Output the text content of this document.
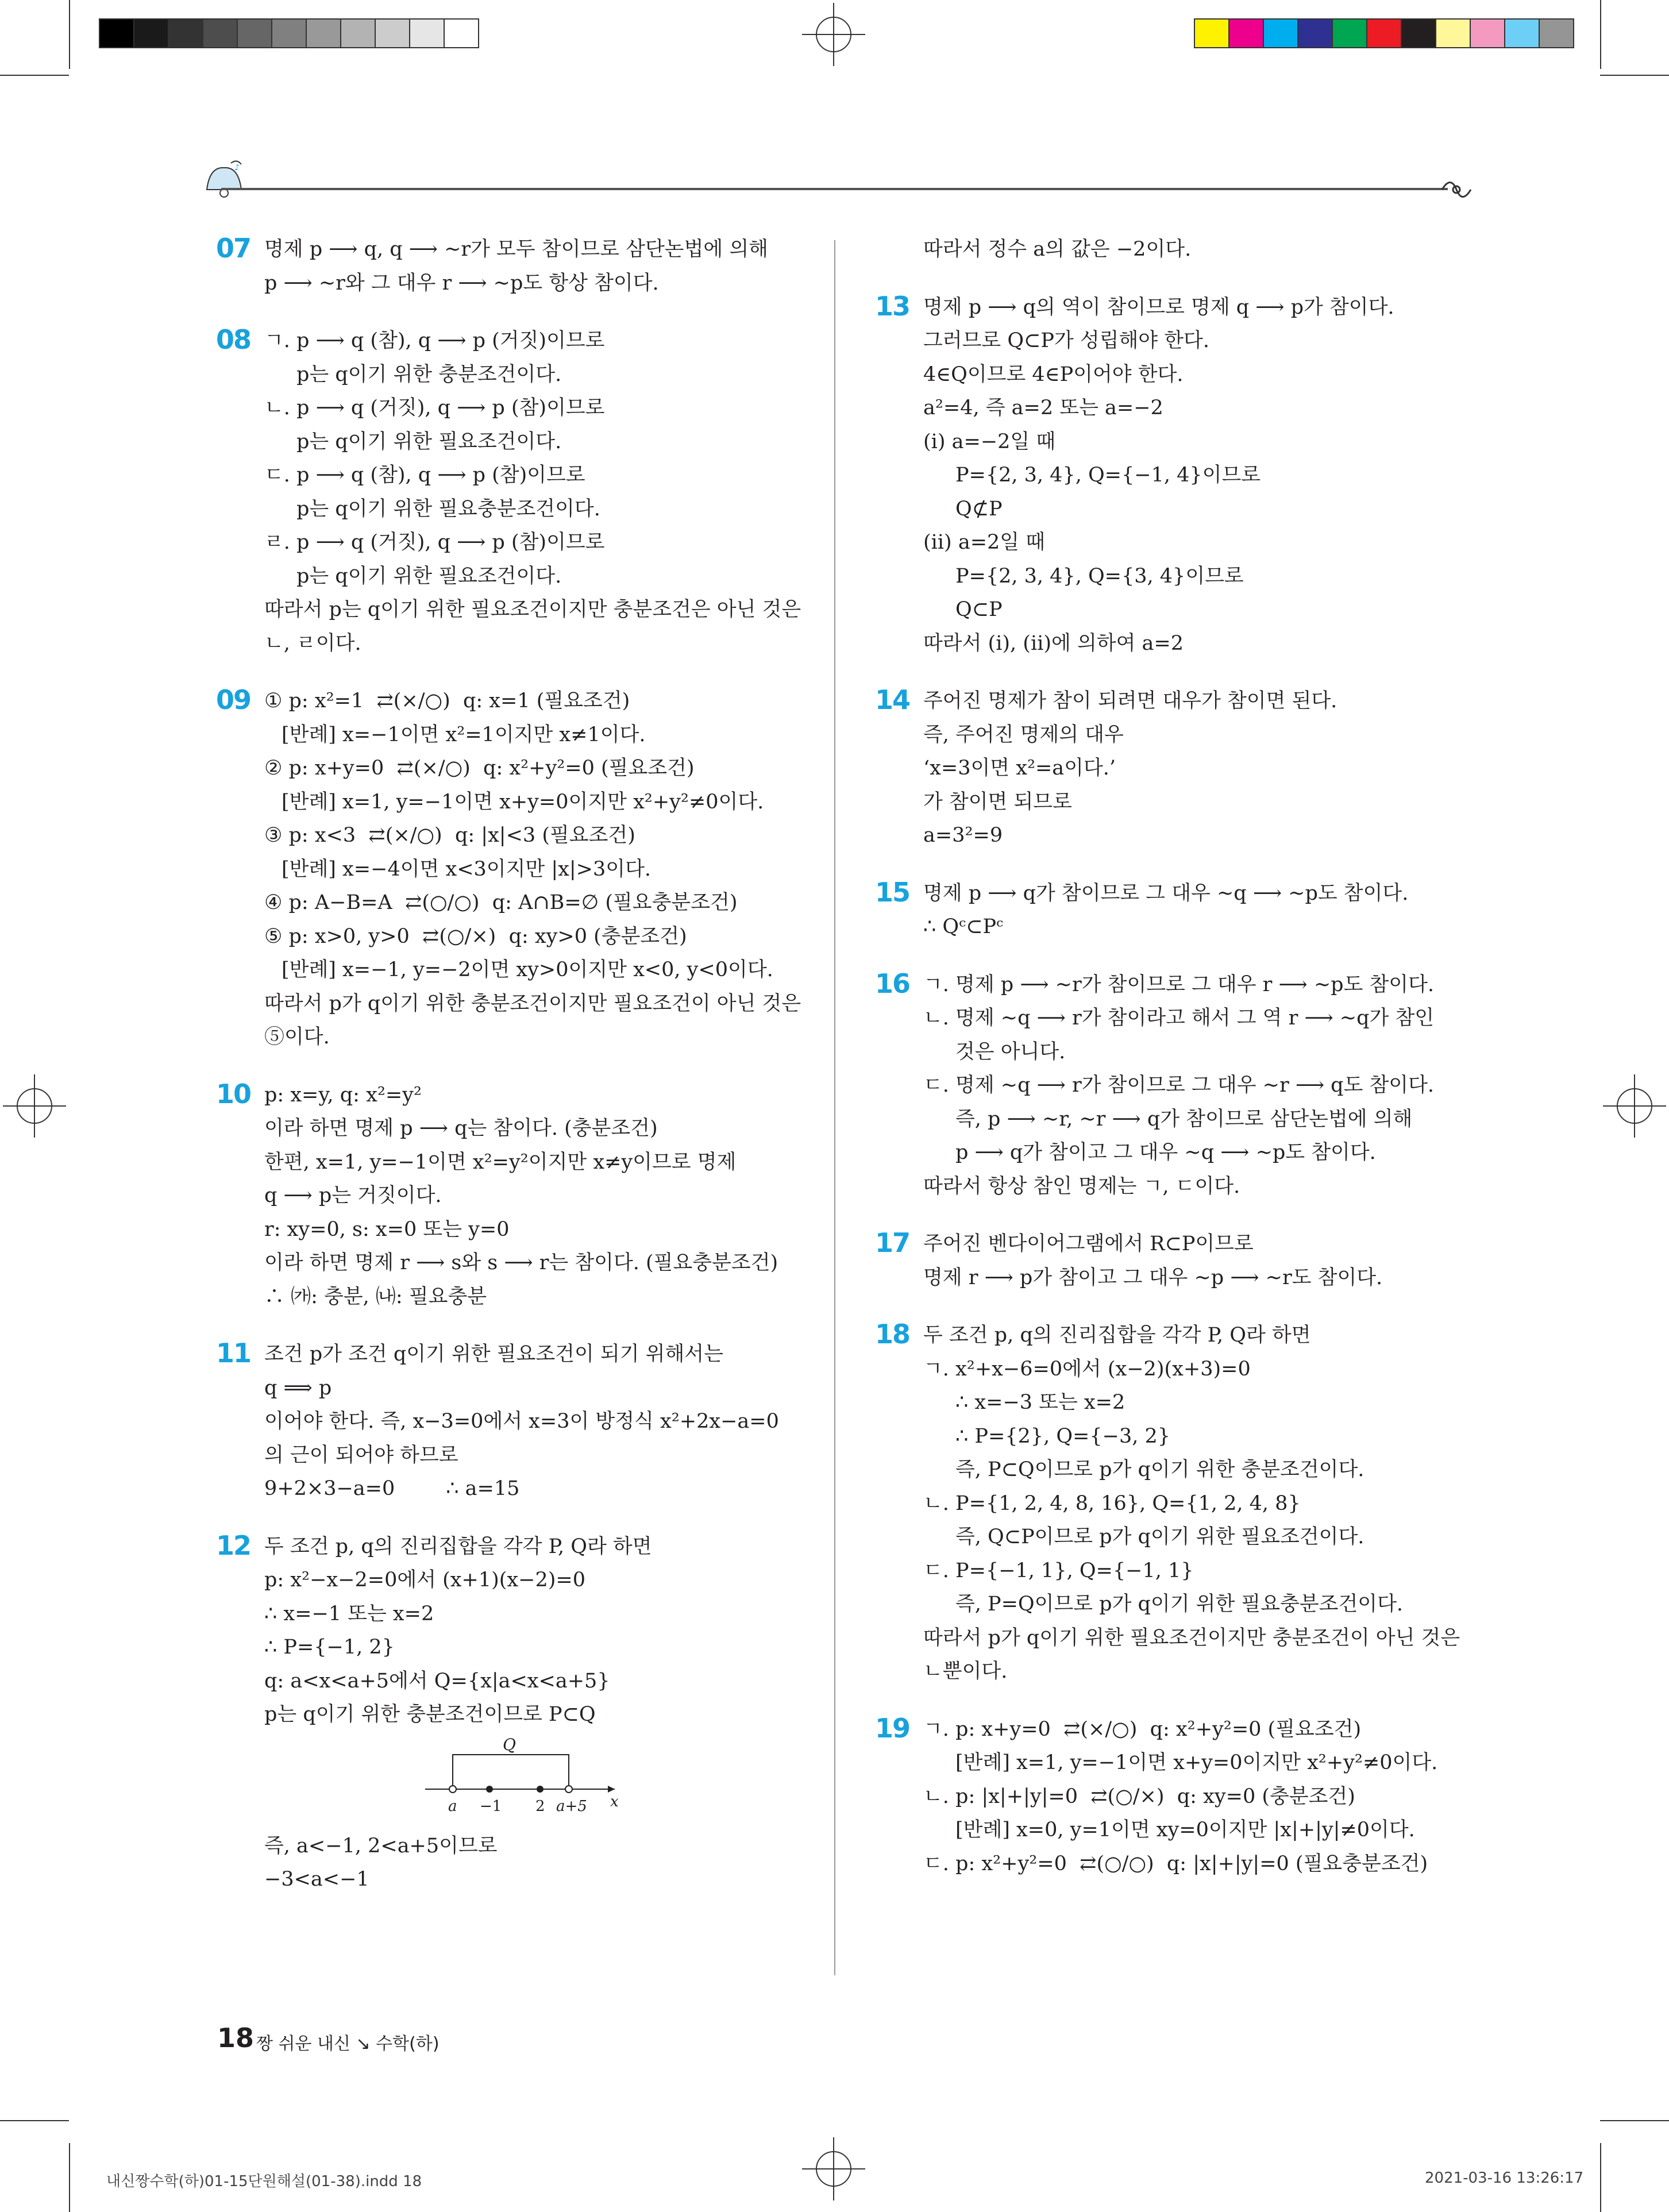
♪
07 명제 p ⟶ q, q ⟶ ~r가 모두 참이므로 삼단논법에 의해
p ⟶ ~r와 그 대우 r ⟶ ~p도 항상 참이다.
08 ㄱ. p ⟶ q (참), q ⟶ p (거짓)이므로
p는 q이기 위한 충분조건이다.
ㄴ. p ⟶ q (거짓), q ⟶ p (참)이므로
p는 q이기 위한 필요조건이다.
ㄷ. p ⟶ q (참), q ⟶ p (참)이므로
p는 q이기 위한 필요충분조건이다.
ㄹ. p ⟶ q (거짓), q ⟶ p (참)이므로
p는 q이기 위한 필요조건이다.
따라서 p는 q이기 위한 필요조건이지만 충분조건은 아닌 것은
ㄴ, ㄹ이다.
09 ① p: x²=1  ⇄(×/○)  q: x=1 (필요조건)
[반례] x=−1이면 x²=1이지만 x≠1이다.
② p: x+y=0  ⇄(×/○)  q: x²+y²=0 (필요조건)
[반례] x=1, y=−1이면 x+y=0이지만 x²+y²≠0이다.
③ p: x<3  ⇄(×/○)  q: |x|<3 (필요조건)
[반례] x=−4이면 x<3이지만 |x|>3이다.
④ p: A−B=A  ⇄(○/○)  q: A∩B=∅ (필요충분조건)
⑤ p: x>0, y>0  ⇄(○/×)  q: xy>0 (충분조건)
[반례] x=−1, y=−2이면 xy>0이지만 x<0, y<0이다.
따라서 p가 q이기 위한 충분조건이지만 필요조건이 아닌 것은
⑤이다.
10 p: x=y, q: x²=y²
이라 하면 명제 p ⟶ q는 참이다. (충분조건)
한편, x=1, y=−1이면 x²=y²이지만 x≠y이므로 명제
q ⟶ p는 거짓이다.
r: xy=0, s: x=0 또는 y=0
이라 하면 명제 r ⟶ s와 s ⟶ r는 참이다. (필요충분조건)
∴ ㈎: 충분, ㈏: 필요충분
11 조건 p가 조건 q이기 위한 필요조건이 되기 위해서는
q ⟹ p
이어야 한다. 즉, x−3=0에서 x=3이 방정식 x²+2x−a=0
의 근이 되어야 하므로
9+2×3−a=0        ∴ a=15
12 두 조건 p, q의 진리집합을 각각 P, Q라 하면
p: x²−x−2=0에서 (x+1)(x−2)=0
∴ x=−1 또는 x=2
∴ P={−1, 2}
q: a<x<a+5에서 Q={x|a<x<a+5}
p는 q이기 위한 충분조건이므로 P⊂Q
Q
a −1 2 a+5 x
즉, a<−1, 2<a+5이므로
−3<a<−1
따라서 정수 a의 값은 −2이다.
13 명제 p ⟶ q의 역이 참이므로 명제 q ⟶ p가 참이다.
그러므로 Q⊂P가 성립해야 한다.
4∈Q이므로 4∈P이어야 한다.
a²=4, 즉 a=2 또는 a=−2
(ⅰ) a=−2일 때
P={2, 3, 4}, Q={−1, 4}이므로
Q⊄P
(ⅱ) a=2일 때
P={2, 3, 4}, Q={3, 4}이므로
Q⊂P
따라서 (ⅰ), (ⅱ)에 의하여 a=2
14 주어진 명제가 참이 되려면 대우가 참이면 된다.
즉, 주어진 명제의 대우
‘x=3이면 x²=a이다.’
가 참이면 되므로
a=3²=9
15 명제 p ⟶ q가 참이므로 그 대우 ~q ⟶ ~p도 참이다.
∴ Qᶜ⊂Pᶜ
16 ㄱ. 명제 p ⟶ ~r가 참이므로 그 대우 r ⟶ ~p도 참이다.
ㄴ. 명제 ~q ⟶ r가 참이라고 해서 그 역 r ⟶ ~q가 참인
것은 아니다.
ㄷ. 명제 ~q ⟶ r가 참이므로 그 대우 ~r ⟶ q도 참이다.
즉, p ⟶ ~r, ~r ⟶ q가 참이므로 삼단논법에 의해
p ⟶ q가 참이고 그 대우 ~q ⟶ ~p도 참이다.
따라서 항상 참인 명제는 ㄱ, ㄷ이다.
17 주어진 벤다이어그램에서 R⊂P이므로
명제 r ⟶ p가 참이고 그 대우 ~p ⟶ ~r도 참이다.
18 두 조건 p, q의 진리집합을 각각 P, Q라 하면
ㄱ. x²+x−6=0에서 (x−2)(x+3)=0
∴ x=−3 또는 x=2
∴ P={2}, Q={−3, 2}
즉, P⊂Q이므로 p가 q이기 위한 충분조건이다.
ㄴ. P={1, 2, 4, 8, 16}, Q={1, 2, 4, 8}
즉, Q⊂P이므로 p가 q이기 위한 필요조건이다.
ㄷ. P={−1, 1}, Q={−1, 1}
즉, P=Q이므로 p가 q이기 위한 필요충분조건이다.
따라서 p가 q이기 위한 필요조건이지만 충분조건이 아닌 것은
ㄴ뿐이다.
19 ㄱ. p: x+y=0  ⇄(×/○)  q: x²+y²=0 (필요조건)
[반례] x=1, y=−1이면 x+y=0이지만 x²+y²≠0이다.
ㄴ. p: |x|+|y|=0  ⇄(○/×)  q: xy=0 (충분조건)
[반례] x=0, y=1이면 xy=0이지만 |x|+|y|≠0이다.
ㄷ. p: x²+y²=0  ⇄(○/○)  q: |x|+|y|=0 (필요충분조건)
18 짱 쉬운 내신 ↘ 수학(하)
내신짱수학(하)01-15단원해설(01-38).indd 18	2021-03-16 13:26:17
